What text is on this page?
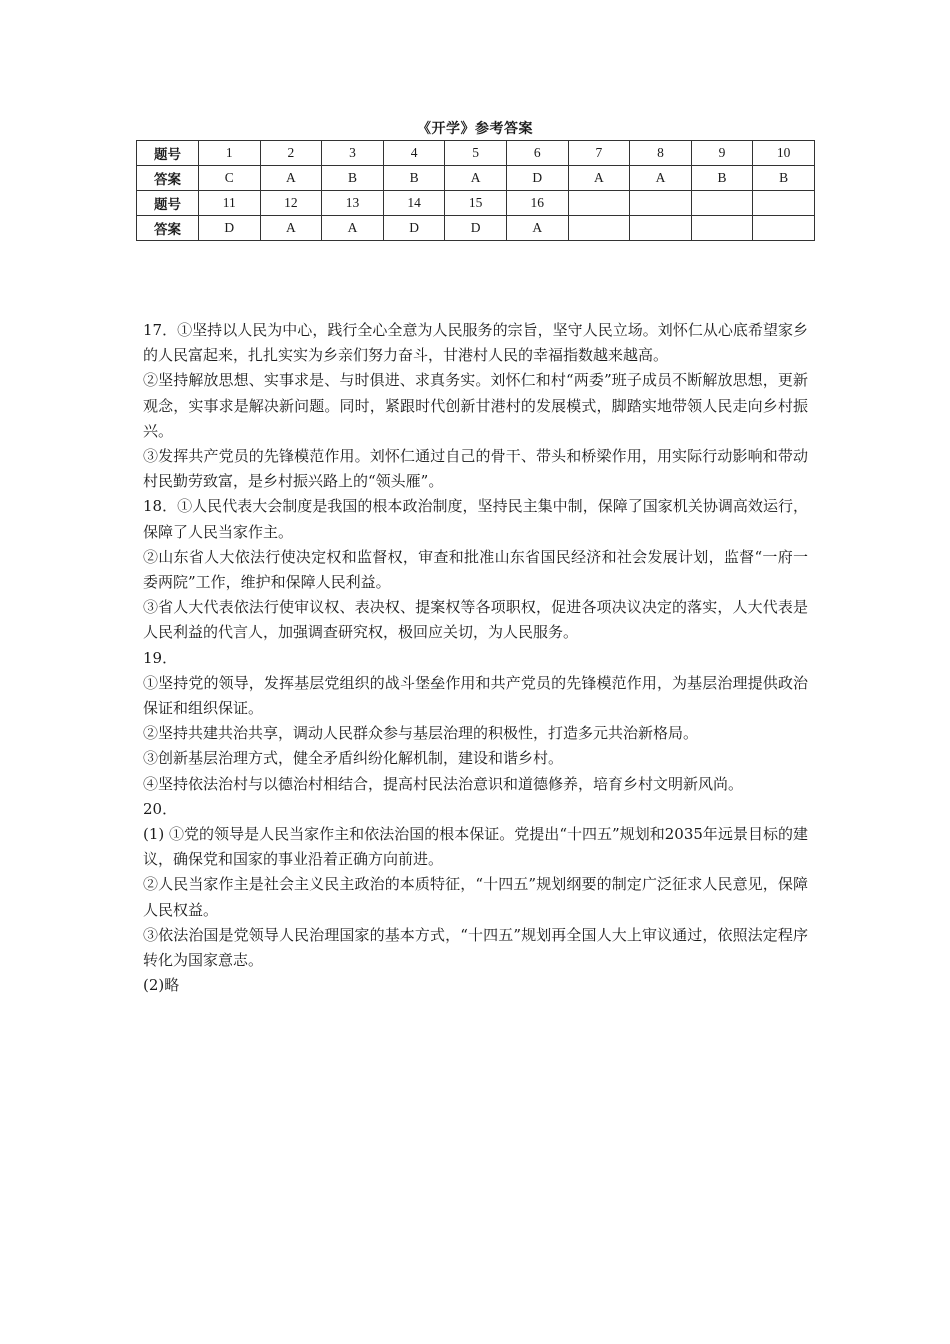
《开学》参考答案
题号	1	2	3	4	5	6	7	8	9	10
答案	C	A	B	B	A	D	A	A	B	B
题号	11	12	13	14	15	16				
答案	D	A	A	D	D	A				

17．①坚持以人民为中心，践行全心全意为人民服务的宗旨，坚守人民立场。刘怀仁从心底希望家乡的人民富起来，扎扎实实为乡亲们努力奋斗，甘港村人民的幸福指数越来越高。

②坚持解放思想、实事求是、与时俱进、求真务实。刘怀仁和村“两委”班子成员不断解放思想，更新观念，实事求是解决新问题。同时，紧跟时代创新甘港村的发展模式，脚踏实地带领人民走向乡村振兴。

③发挥共产党员的先锋模范作用。刘怀仁通过自己的骨干、带头和桥梁作用，用实际行动影响和带动村民勤劳致富，是乡村振兴路上的“领头雁”。

18．①人民代表大会制度是我国的根本政治制度，坚持民主集中制，保障了国家机关协调高效运行，保障了人民当家作主。

②山东省人大依法行使决定权和监督权，审查和批准山东省国民经济和社会发展计划，监督“一府一委两院”工作，维护和保障人民利益。

③省人大代表依法行使审议权、表决权、提案权等各项职权，促进各项决议决定的落实，人大代表是人民利益的代言人，加强调查研究权，极回应关切，为人民服务。

19．

①坚持党的领导，发挥基层党组织的战斗堡垒作用和共产党员的先锋模范作用，为基层治理提供政治保证和组织保证。

②坚持共建共治共享，调动人民群众参与基层治理的积极性，打造多元共治新格局。

③创新基层治理方式，健全矛盾纠纷化解机制，建设和谐乡村。

④坚持依法治村与以德治村相结合，提高村民法治意识和道德修养，培育乡村文明新风尚。

20．

(1) ①党的领导是人民当家作主和依法治国的根本保证。党提出“十四五”规划和2035年远景目标的建议，确保党和国家的事业沿着正确方向前进。

②人民当家作主是社会主义民主政治的本质特征，“十四五”规划纲要的制定广泛征求人民意见，保障人民权益。

③依法治国是党领导人民治理国家的基本方式，“十四五”规划再全国人大上审议通过，依照法定程序转化为国家意志。

(2)略
